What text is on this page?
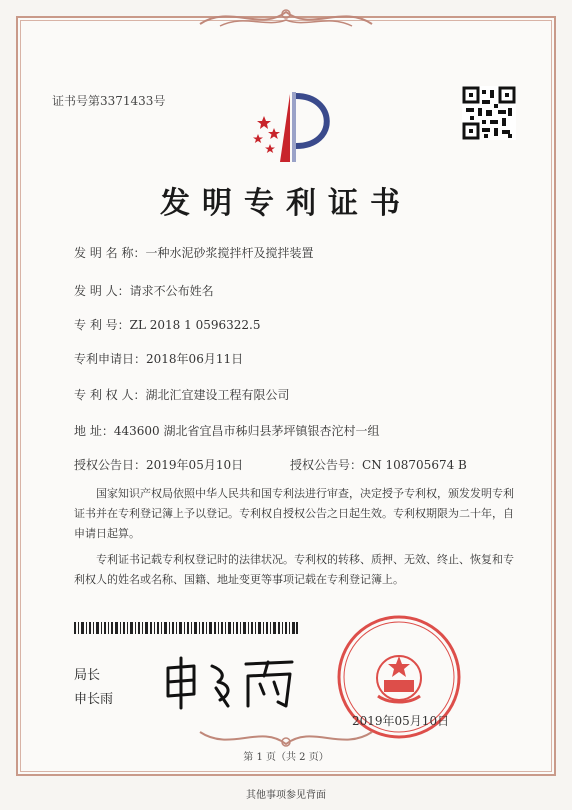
证书号第3371433号
发明专利证书
发 明 名 称：一种水泥砂浆搅拌杆及搅拌装置
发 明 人：请求不公布姓名
专 利 号：ZL 2018 1 0596322.5
专利申请日：2018年06月11日
专 利 权 人：湖北汇宜建设工程有限公司
地 址：443600 湖北省宜昌市秭归县茅坪镇银杏沱村一组
授权公告日：2019年05月10日	授权公告号：CN 108705674 B
国家知识产权局依照中华人民共和国专利法进行审查，决定授予专利权，颁发发明专利证书并在专利登记簿上予以登记。专利权自授权公告之日起生效。专利权期限为二十年，自申请日起算。
专利证书记载专利权登记时的法律状况。专利权的转移、质押、无效、终止、恢复和专利权人的姓名或名称、国籍、地址变更等事项记载在专利登记簿上。
局长
申长雨
2019年05月10日
第 1 页（共 2 页）
其他事项参见背面
